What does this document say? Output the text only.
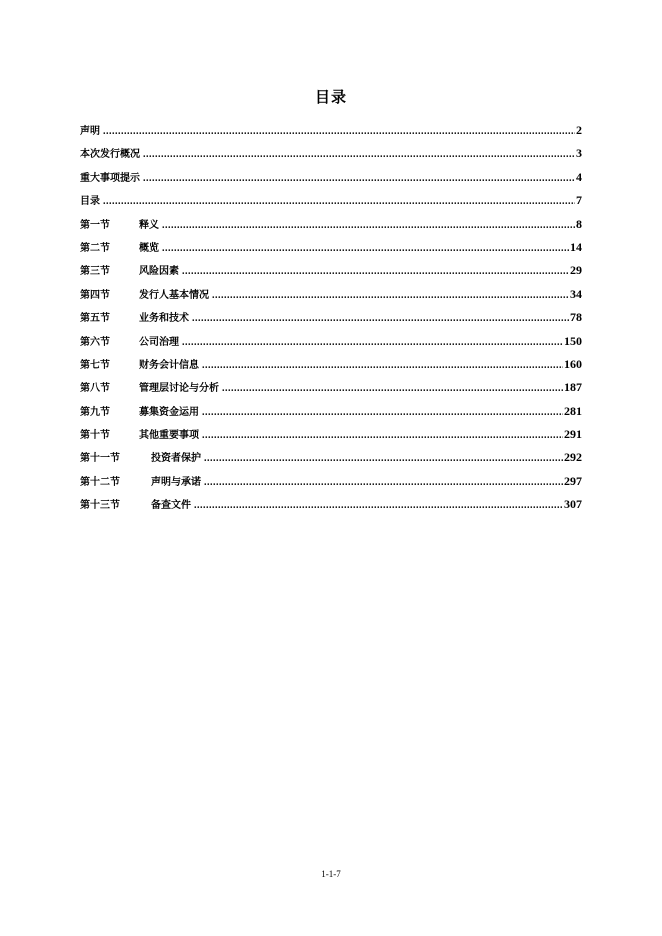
目录
声明 .....	2
本次发行概况 .....	3
重大事项提示 .....	4
目录 .....	7
第一节	释义 .....	8
第二节	概览 .....	14
第三节	风险因素 .....	29
第四节	发行人基本情况 .....	34
第五节	业务和技术 .....	78
第六节	公司治理 .....	150
第七节	财务会计信息 .....	160
第八节	管理层讨论与分析 .....	187
第九节	募集资金运用 .....	281
第十节	其他重要事项 .....	291
第十一节	投资者保护 .....	292
第十二节	声明与承诺 .....	297
第十三节	备查文件 .....	307
1-1-7
